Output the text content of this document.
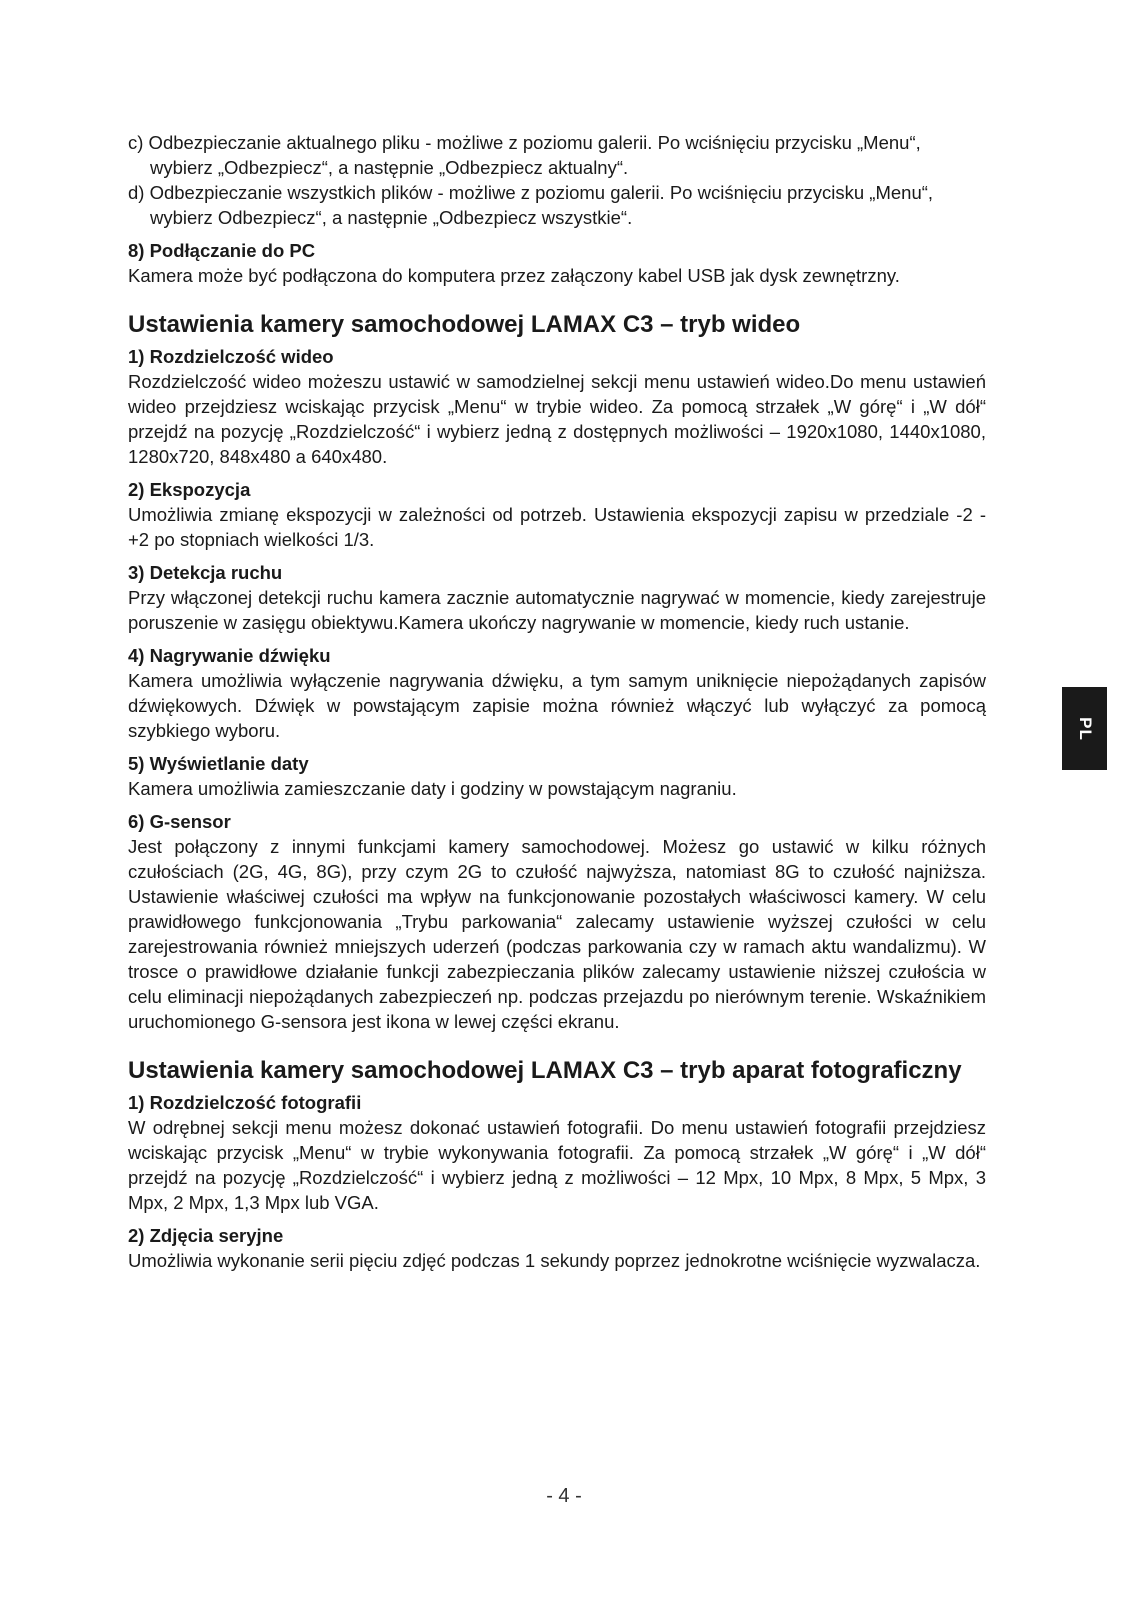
c) Odbezpieczanie aktualnego pliku - możliwe z poziomu galerii. Po wciśnięciu przycisku „Menu“, wybierz „Odbezpiecz“, a następnie „Odbezpiecz aktualny“.

d) Odbezpieczanie wszystkich plików - możliwe z poziomu galerii. Po wciśnięciu przycisku „Menu“, wybierz Odbezpiecz“, a następnie „Odbezpiecz wszystkie“.

8) Podłączanie do PC

Kamera może być podłączona do komputera przez załączony kabel USB jak dysk zewnętrzny.

Ustawienia kamery samochodowej LAMAX C3 – tryb wideo
1) Rozdzielczość wideo

Rozdzielczość wideo możeszu ustawić w samodzielnej sekcji menu ustawień wideo.Do menu ustawień wideo przejdziesz wciskając przycisk „Menu“ w trybie wideo. Za pomocą strzałek „W górę“ i „W dół“ przejdź na pozycję „Rozdzielczość“ i wybierz jedną z dostępnych możliwości – 1920x1080, 1440x1080, 1280x720, 848x480 a 640x480.

2) Ekspozycja

Umożliwia zmianę ekspozycji w zależności od potrzeb. Ustawienia ekspozycji zapisu w przedziale -2 - +2 po stopniach wielkości 1/3.

3) Detekcja ruchu

Przy włączonej detekcji ruchu kamera zacznie automatycznie nagrywać w momencie, kiedy zarejestruje poruszenie w zasięgu obiektywu.Kamera ukończy nagrywanie w momencie, kiedy ruch ustanie.

4) Nagrywanie dźwięku

Kamera umożliwia wyłączenie nagrywania dźwięku, a tym samym uniknięcie niepożądanych zapisów dźwiękowych. Dźwięk w powstającym zapisie można również włączyć lub wyłączyć za pomocą szybkiego wyboru.

5) Wyświetlanie daty

Kamera umożliwia zamieszczanie daty i godziny w powstającym nagraniu.

6) G-sensor

Jest połączony z innymi funkcjami kamery samochodowej. Możesz go ustawić w kilku różnych czułościach (2G, 4G, 8G), przy czym 2G to czułość najwyższa, natomiast 8G to czułość najniższa. Ustawienie właściwej czułości ma wpływ na funkcjonowanie pozostałych właściwosci kamery. W celu prawidłowego funkcjonowania „Trybu parkowania“ zalecamy ustawienie wyższej czułości w celu zarejestrowania również mniejszych uderzeń (podczas parkowania czy w ramach aktu wandalizmu). W trosce o prawidłowe działanie funkcji zabezpieczania plików zalecamy ustawienie niższej czułościa w celu eliminacji niepożądanych zabezpieczeń np. podczas przejazdu po nierównym terenie. Wskaźnikiem uruchomionego G-sensora jest ikona w lewej części ekranu.

Ustawienia kamery samochodowej LAMAX C3 – tryb aparat fotograficzny
1) Rozdzielczość fotografii

W odrębnej sekcji menu możesz dokonać ustawień fotografii. Do menu ustawień fotografii przejdziesz wciskając przycisk „Menu“ w trybie wykonywania fotografii. Za pomocą strzałek „W górę“ i „W dół“ przejdź na pozycję „Rozdzielczość“ i wybierz jedną z możliwości – 12 Mpx, 10 Mpx, 8 Mpx, 5 Mpx, 3 Mpx, 2 Mpx, 1,3 Mpx lub VGA.

2) Zdjęcia seryjne

Umożliwia wykonanie serii pięciu zdjęć podczas 1 sekundy poprzez jednokrotne wciśnięcie wyzwalacza.

PL
- 4 -
